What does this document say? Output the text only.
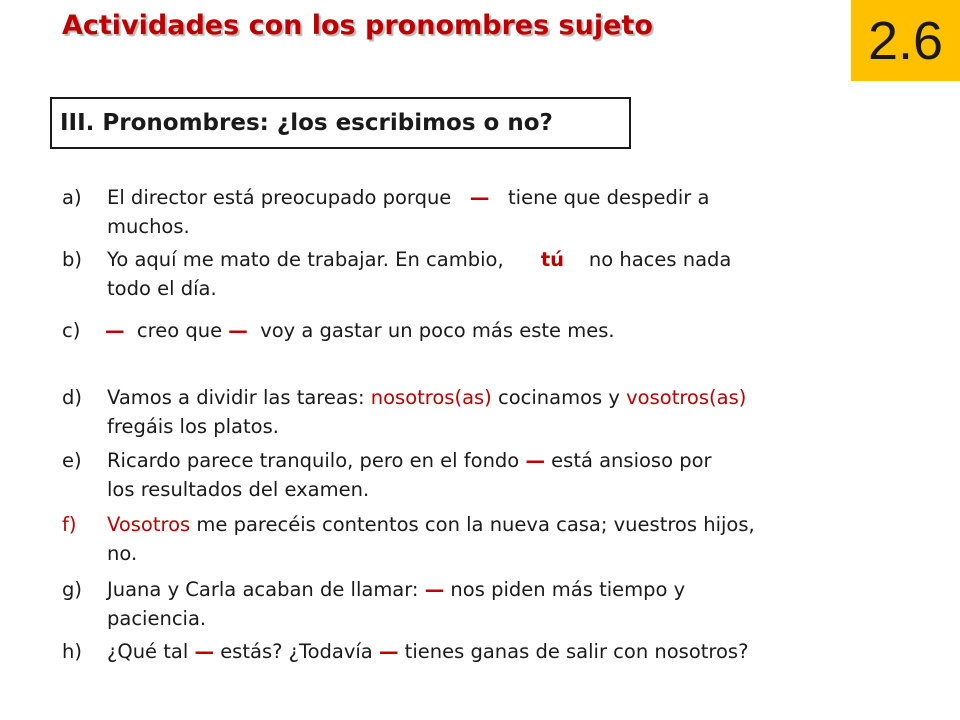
Actividades con los pronombres sujeto	2.6
III. Pronombres: ¿los escribimos o no?
a) El director está preocupado porque — tiene que despedir a
muchos.
b) Yo aquí me mato de trabajar. En cambio, tú no haces nada
todo el día.
c) — creo que — voy a gastar un poco más este mes.
d) Vamos a dividir las tareas: nosotros(as) cocinamos y vosotros(as)
fregáis los platos.
e) Ricardo parece tranquilo, pero en el fondo — está ansioso por
los resultados del examen.
f) Vosotros me parecéis contentos con la nueva casa; vuestros hijos,
no.
g) Juana y Carla acaban de llamar: — nos piden más tiempo y
paciencia.
h) ¿Qué tal — estás? ¿Todavía — tienes ganas de salir con nosotros?
